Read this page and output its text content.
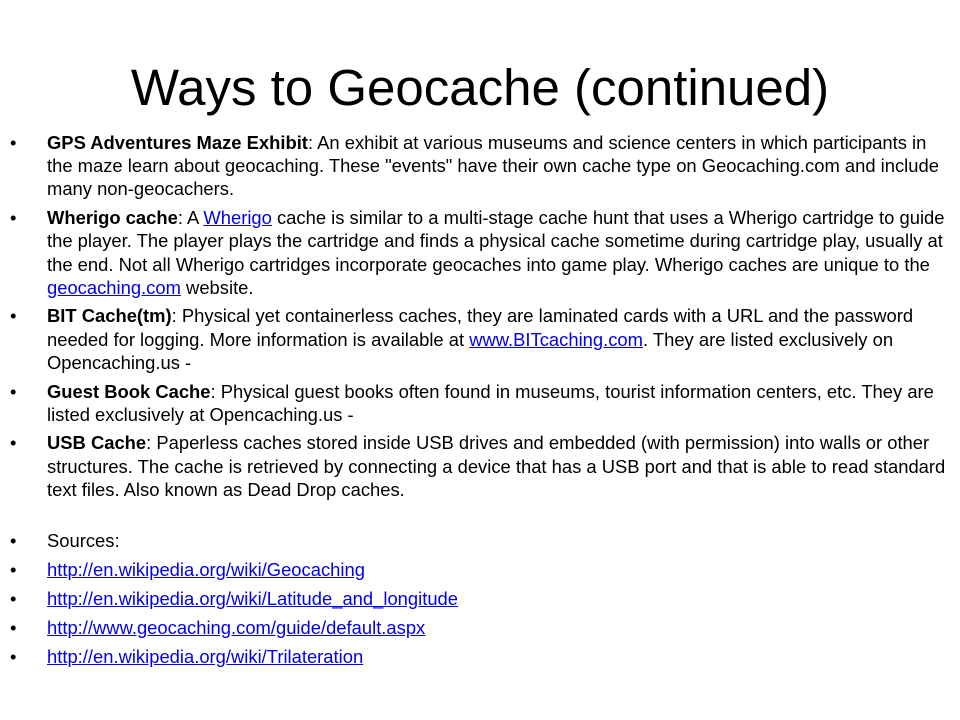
Ways to Geocache (continued)
•	GPS Adventures Maze Exhibit: An exhibit at various museums and science centers in which participants in the maze learn about geocaching. These "events" have their own cache type on Geocaching.com and include many non-geocachers.
•	Wherigo cache: A Wherigo cache is similar to a multi-stage cache hunt that uses a Wherigo cartridge to guide the player. The player plays the cartridge and finds a physical cache sometime during cartridge play, usually at the end. Not all Wherigo cartridges incorporate geocaches into game play. Wherigo caches are unique to the geocaching.com website.
•	BIT Cache(tm): Physical yet containerless caches, they are laminated cards with a URL and the password needed for logging. More information is available at www.BITcaching.com. They are listed exclusively on Opencaching.us -
•	Guest Book Cache: Physical guest books often found in museums, tourist information centers, etc. They are listed exclusively at Opencaching.us -
•	USB Cache: Paperless caches stored inside USB drives and embedded (with permission) into walls or other structures. The cache is retrieved by connecting a device that has a USB port and that is able to read standard text files. Also known as Dead Drop caches.
•	Sources:
•	http://en.wikipedia.org/wiki/Geocaching
•	http://en.wikipedia.org/wiki/Latitude_and_longitude
•	http://www.geocaching.com/guide/default.aspx
•	http://en.wikipedia.org/wiki/Trilateration
